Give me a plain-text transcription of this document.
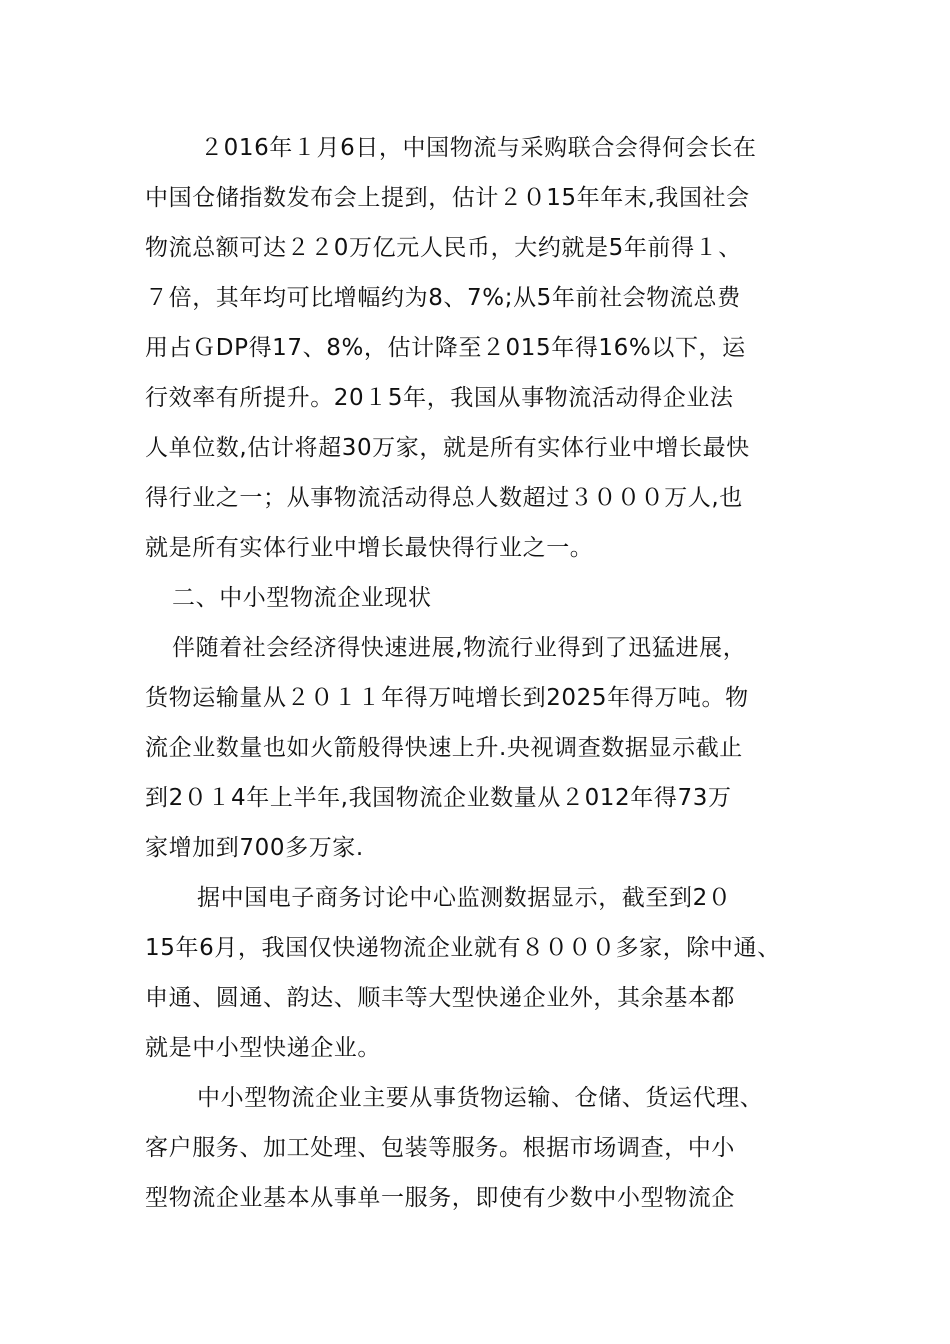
２016年１月6日，中国物流与采购联合会得何会长在
中国仓储指数发布会上提到，估计２０15年年末,我国社会
物流总额可达２２0万亿元人民币，大约就是5年前得１、
７倍，其年均可比增幅约为8、7%;从5年前社会物流总费
用占ＧDP得17、8%，估计降至２015年得16%以下，运
行效率有所提升。20１5年，我国从事物流活动得企业法
人单位数,估计将超30万家，就是所有实体行业中增长最快
得行业之一；从事物流活动得总人数超过３０００万人,也
就是所有实体行业中增长最快得行业之一。
二、中小型物流企业现状
伴随着社会经济得快速进展,物流行业得到了迅猛进展，
货物运输量从２０１１年得万吨增长到2025年得万吨。物
流企业数量也如火箭般得快速上升.央视调查数据显示截止
到2０１4年上半年,我国物流企业数量从２012年得73万
家增加到700多万家.
据中国电子商务讨论中心监测数据显示，截至到2０
15年6月，我国仅快递物流企业就有８０００多家，除中通、
申通、圆通、韵达、顺丰等大型快递企业外，其余基本都
就是中小型快递企业。
中小型物流企业主要从事货物运输、仓储、货运代理、
客户服务、加工处理、包装等服务。根据市场调查，中小
型物流企业基本从事单一服务，即使有少数中小型物流企
